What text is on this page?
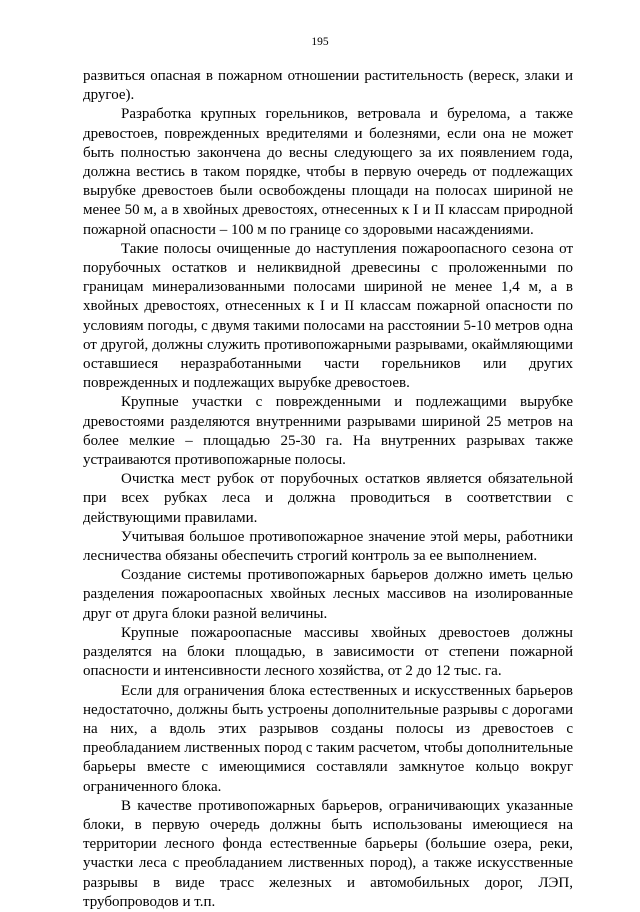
195

развиться опасная в пожарном отношении растительность (вереск, злаки и другое).

Разработка крупных горельников, ветровала и бурелома, а также древостоев, поврежденных вредителями и болезнями, если она не может быть полностью закончена до весны следующего за их появлением года, должна вестись в таком порядке, чтобы в первую очередь от подлежащих вырубке древостоев были освобождены площади на полосах шириной не менее 50 м, а в хвойных древостоях, отнесенных к I и II классам природной пожарной опасности – 100 м по границе со здоровыми насаждениями.

Такие полосы очищенные до наступления пожароопасного сезона от порубочных остатков и неликвидной древесины с проложенными по границам минерализованными полосами шириной не менее 1,4 м, а в хвойных древостоях, отнесенных к I и II классам пожарной опасности по условиям погоды, с двумя такими полосами на расстоянии 5-10 метров одна от другой, должны служить противопожарными разрывами, окаймляющими оставшиеся неразработанными части горельников или других поврежденных и подлежащих вырубке древостоев.

Крупные участки с поврежденными и подлежащими вырубке древостоями разделяются внутренними разрывами шириной 25 метров на более мелкие – площадью 25-30 га. На внутренних разрывах также устраиваются противопожарные полосы.

Очистка мест рубок от порубочных остатков является обязательной при всех рубках леса и должна проводиться в соответствии с действующими правилами.

Учитывая большое противопожарное значение этой меры, работники лесничества обязаны обеспечить строгий контроль за ее выполнением.

Создание системы противопожарных барьеров должно иметь целью разделения пожароопасных хвойных лесных массивов на изолированные друг от друга блоки разной величины.

Крупные пожароопасные массивы хвойных древостоев должны разделятся на блоки площадью, в зависимости от степени пожарной опасности и интенсивности лесного хозяйства, от 2 до 12 тыс. га.

Если для ограничения блока естественных и искусственных барьеров недостаточно, должны быть устроены дополнительные разрывы с дорогами на них, а вдоль этих разрывов созданы полосы из древостоев с преобладанием лиственных пород с таким расчетом, чтобы дополнительные барьеры вместе с имеющимися составляли замкнутое кольцо вокруг ограниченного блока.

В качестве противопожарных барьеров, ограничивающих указанные блоки, в первую очередь должны быть использованы имеющиеся на территории лесного фонда естественные барьеры (большие озера, реки, участки леса с преобладанием лиственных пород), а также искусственные разрывы в виде трасс железных и автомобильных дорог, ЛЭП, трубопроводов и т.п.
